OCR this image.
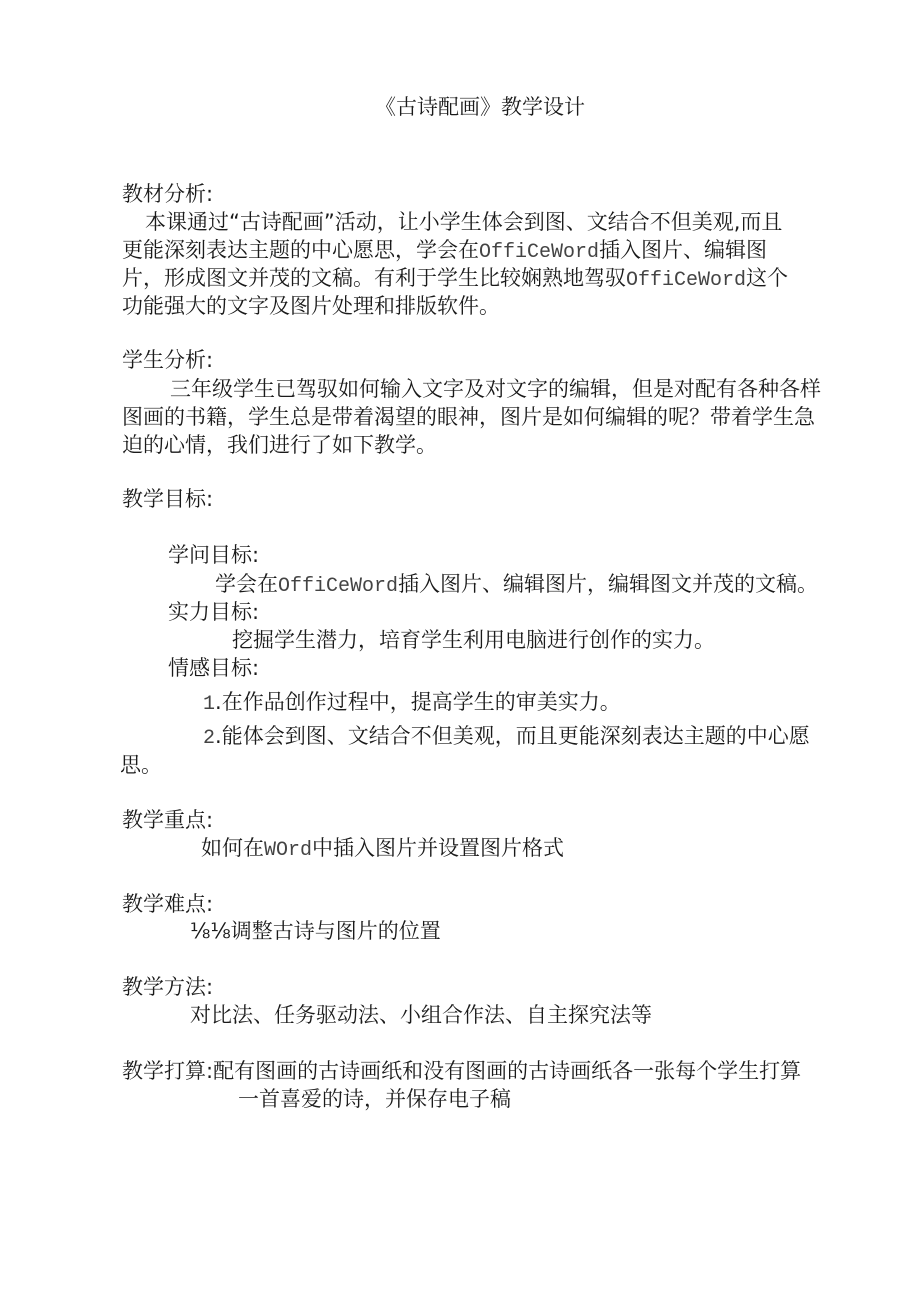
《古诗配画》教学设计
教材分析:
本课通过“古诗配画”活动，让小学生体会到图、文结合不但美观,而且
更能深刻表达主题的中心愿思，学会在OffiCeWord插入图片、编辑图
片，形成图文并茂的文稿。有利于学生比较娴熟地驾驭OffiCeWord这个
功能强大的文字及图片处理和排版软件。
学生分析:
三年级学生已驾驭如何输入文字及对文字的编辑，但是对配有各种各样
图画的书籍，学生总是带着渴望的眼神，图片是如何编辑的呢？带着学生急
迫的心情，我们进行了如下教学。
教学目标:
学问目标:
学会在OffiCeWord插入图片、编辑图片，编辑图文并茂的文稿。
实力目标:
挖掘学生潜力，培育学生利用电脑进行创作的实力。
情感目标:
1.在作品创作过程中，提高学生的审美实力。
2.能体会到图、文结合不但美观，而且更能深刻表达主题的中心愿
思。
教学重点:
如何在WOrd中插入图片并设置图片格式
教学难点:
⅛⅛调整古诗与图片的位置
教学方法:
对比法、任务驱动法、小组合作法、自主探究法等
教学打算:配有图画的古诗画纸和没有图画的古诗画纸各一张每个学生打算
一首喜爱的诗，并保存电子稿
